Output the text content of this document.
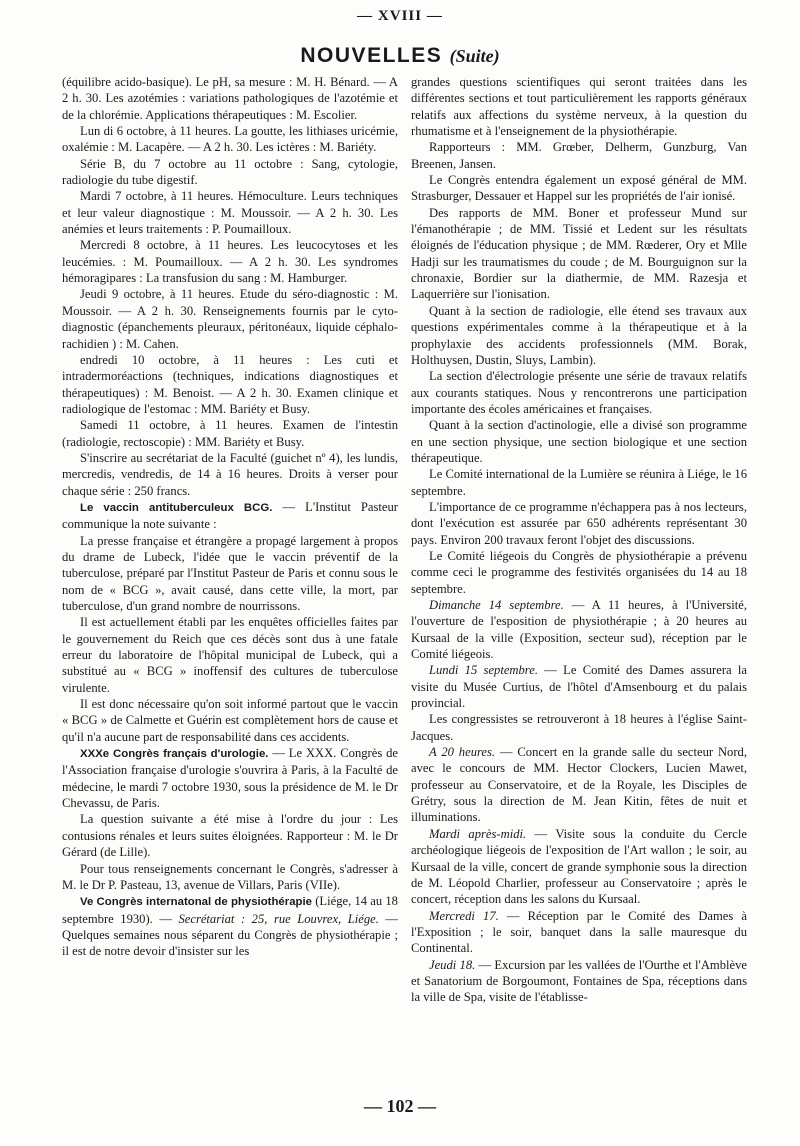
— XVIII —
NOUVELLES (Suite)

(équilibre acido-basique). Le pH, sa mesure : M. H. Bénard. — A 2 h. 30. Les azotémies : variations pathologiques de l'azotémie et de la chlorémie. Applications thérapeutiques : M. Escolier.

Lun di 6 octobre, à 11 heures. La goutte, les lithiases uricémie, oxalémie : M. Lacapère. — A 2 h. 30. Les ictères : M. Bariéty.

Série B, du 7 octobre au 11 octobre : Sang, cytologie, radiologie du tube digestif.

Mardi 7 octobre, à 11 heures. Hémoculture. Leurs techniques et leur valeur diagnostique : M. Moussoir. — A 2 h. 30. Les anémies et leurs traitements : P. Poumailloux.

Mercredi 8 octobre, à 11 heures. Les leucocytoses et les leucémies. : M. Poumailloux. — A 2 h. 30. Les syndromes hémoragipares : La transfusion du sang : M. Hamburger.

Jeudi 9 octobre, à 11 heures. Etude du séro-diagnostic : M. Moussoir. — A 2 h. 30. Renseignements fournis par le cyto-diagnostic (épanchements pleuraux, péritonéaux, liquide céphalo-rachidien ) : M. Cahen.

endredi 10 octobre, à 11 heures : Les cuti et intradermoréactions (techniques, indications diagnostiques et thérapeutiques) : M. Benoist. — A 2 h. 30. Examen clinique et radiologique de l'estomac : MM. Bariéty et Busy.

Samedi 11 octobre, à 11 heures. Examen de l'intestin (radiologie, rectoscopie) : MM. Bariéty et Busy.

S'inscrire au secrétariat de la Faculté (guichet nº 4), les lundis, mercredis, vendredis, de 14 à 16 heures. Droits à verser pour chaque série : 250 francs.

Le vaccin antituberculeux BCG. — L'Institut Pasteur communique la note suivante :

La presse française et étrangère a propagé largement à propos du drame de Lubeck, l'idée que le vaccin préventif de la tuberculose, préparé par l'Institut Pasteur de Paris et connu sous le nom de « BCG », avait causé, dans cette ville, la mort, par tuberculose, d'un grand nombre de nourrissons.

Il est actuellement établi par les enquêtes officielles faites par le gouvernement du Reich que ces décès sont dus à une fatale erreur du laboratoire de l'hôpital municipal de Lubeck, qui a substitué au « BCG » inoffensif des cultures de tuberculose virulente.

Il est donc nécessaire qu'on soit informé partout que le vaccin « BCG » de Calmette et Guérin est complètement hors de cause et qu'il n'a aucune part de responsabilité dans ces accidents.

XXXe Congrès français d'urologie. — Le XXX. Congrès de l'Association française d'urologie s'ouvrira à Paris, à la Faculté de médecine, le mardi 7 octobre 1930, sous la présidence de M. le Dr Chevassu, de Paris.

La question suivante a été mise à l'ordre du jour : Les contusions rénales et leurs suites éloignées. Rapporteur : M. le Dr Gérard (de Lille).

Pour tous renseignements concernant le Congrès, s'adresser à M. le Dr P. Pasteau, 13, avenue de Villars, Paris (VIIe).

Ve Congrès internatonal de physiothérapie (Liége, 14 au 18 septembre 1930). — Secrétariat : 25, rue Louvrex, Liége. — Quelques semaines nous séparent du Congrès de physiothérapie ; il est de notre devoir d'insister sur les

grandes questions scientifiques qui seront traitées dans les différentes sections et tout particulièrement les rapports généraux relatifs aux affections du système nerveux, à la question du rhumatisme et à l'enseignement de la physiothérapie.

Rapporteurs : MM. Grœber, Delherm, Gunzburg, Van Breenen, Jansen.

Le Congrès entendra également un exposé général de MM. Strasburger, Dessauer et Happel sur les propriétés de l'air ionisé.

Des rapports de MM. Boner et professeur Mund sur l'émanothérapie ; de MM. Tissié et Ledent sur les résultats éloignés de l'éducation physique ; de MM. Rœderer, Ory et Mlle Hadji sur les traumatismes du coude ; de M. Bourguignon sur la chronaxie, Bordier sur la diathermie, de MM. Razesja et Laquerrière sur l'ionisation.

Quant à la section de radiologie, elle étend ses travaux aux questions expérimentales comme à la thérapeutique et à la prophylaxie des accidents professionnels (MM. Borak, Holthuysen, Dustin, Sluys, Lambin).

La section d'électrologie présente une série de travaux relatifs aux courants statiques. Nous y rencontrerons une participation importante des écoles américaines et françaises.

Quant à la section d'actinologie, elle a divisé son programme en une section physique, une section biologique et une section thérapeutique.

Le Comité international de la Lumière se réunira à Liége, le 16 septembre.

L'importance de ce programme n'échappera pas à nos lecteurs, dont l'exécution est assurée par 650 adhérents représentant 30 pays. Environ 200 travaux feront l'objet des discussions.

Le Comité liégeois du Congrès de physiothérapie a prévenu comme ceci le programme des festivités organisées du 14 au 18 septembre.

Dimanche 14 septembre. — A 11 heures, à l'Université, l'ouverture de l'esposition de physiothérapie ; à 20 heures au Kursaal de la ville (Exposition, secteur sud), réception par le Comité liégeois.

Lundi 15 septembre. — Le Comité des Dames assurera la visite du Musée Curtius, de l'hôtel d'Amsenbourg et du palais provincial.

Les congressistes se retrouveront à 18 heures à l'église Saint-Jacques.

A 20 heures. — Concert en la grande salle du secteur Nord, avec le concours de MM. Hector Clockers, Lucien Mawet, professeur au Conservatoire, et de la Royale, les Disciples de Grétry, sous la direction de M. Jean Kitin, fêtes de nuit et illuminations.

Mardi après-midi. — Visite sous la conduite du Cercle archéologique liégeois de l'exposition de l'Art wallon ; le soir, au Kursaal de la ville, concert de grande symphonie sous la direction de M. Léopold Charlier, professeur au Conservatoire ; après le concert, réception dans les salons du Kursaal.

Mercredi 17. — Réception par le Comité des Dames à l'Exposition ; le soir, banquet dans la salle mauresque du Continental.

Jeudi 18. — Excursion par les vallées de l'Ourthe et l'Amblève et Sanatorium de Borgoumont, Fontaines de Spa, réceptions dans la ville de Spa, visite de l'établisse-

— 102 —
